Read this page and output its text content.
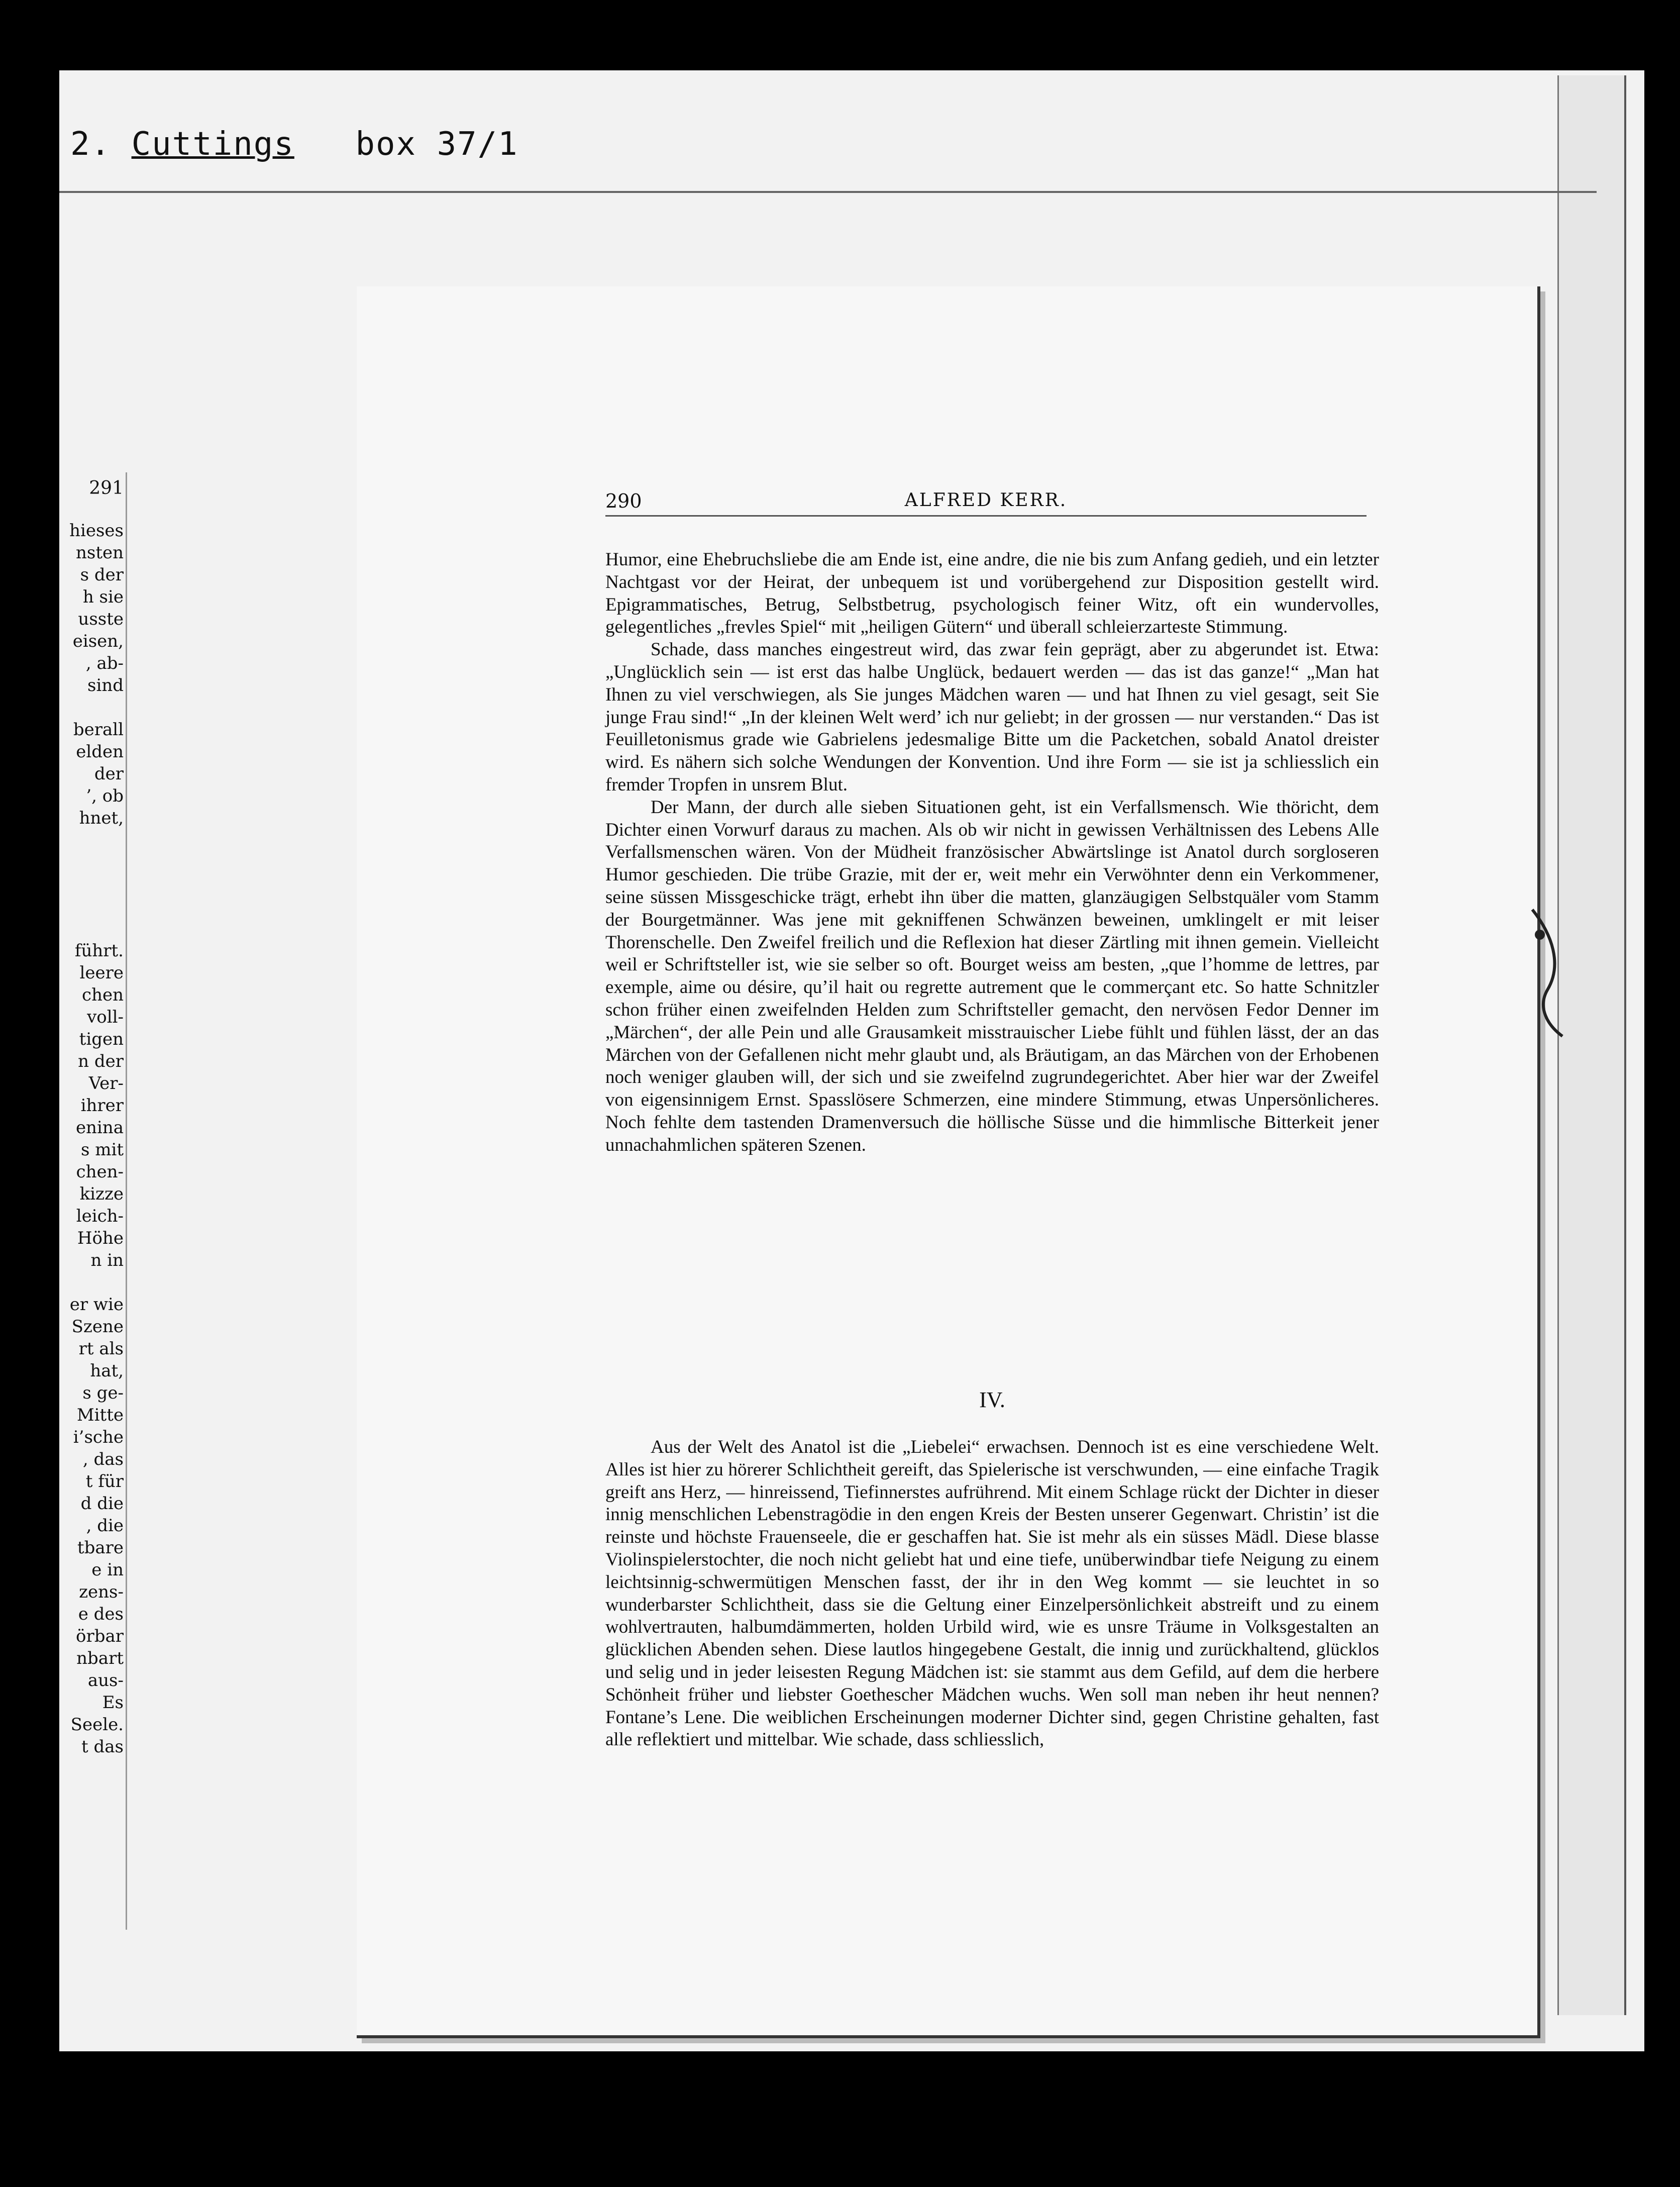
2. Cuttings box 37/1
291
hieses
nsten
s der
h sie
usste
eisen,
, ab-
sind
berall
elden
der
’, ob
hnet,
führt.
leere
chen
voll-
tigen
n der
Ver-
ihrer
enina
s mit
chen-
kizze
leich-
Höhe
n in
er wie
Szene
rt als
hat,
s ge-
Mitte
i’sche
, das
t für
d die
, die
tbare
e in
zens-
e des
örbar
nbart
aus-
Es
Seele.
t das
290	ALFRED KERR.

Humor, eine Ehebruchsliebe die am Ende ist, eine andre, die nie bis zum Anfang gedieh, und ein letzter Nachtgast vor der Heirat, der unbequem ist und vorübergehend zur Disposition gestellt wird. Epigrammatisches, Betrug, Selbstbetrug, psychologisch feiner Witz, oft ein wundervolles, gelegentliches „frevles Spiel“ mit „heiligen Gütern“ und überall schleierzarteste Stimmung.

Schade, dass manches eingestreut wird, das zwar fein geprägt, aber zu abgerundet ist. Etwa: „Unglücklich sein — ist erst das halbe Unglück, bedauert werden — das ist das ganze!“ „Man hat Ihnen zu viel verschwiegen, als Sie junges Mädchen waren — und hat Ihnen zu viel gesagt, seit Sie junge Frau sind!“ „In der kleinen Welt werd’ ich nur geliebt; in der grossen — nur verstanden.“ Das ist Feuilletonismus grade wie Gabrielens jedesmalige Bitte um die Packetchen, sobald Anatol dreister wird. Es nähern sich solche Wendungen der Konvention. Und ihre Form — sie ist ja schliesslich ein fremder Tropfen in unsrem Blut.

Der Mann, der durch alle sieben Situationen geht, ist ein Verfallsmensch. Wie thöricht, dem Dichter einen Vorwurf daraus zu machen. Als ob wir nicht in gewissen Verhältnissen des Lebens Alle Verfallsmenschen wären. Von der Müdheit französischer Abwärtslinge ist Anatol durch sorgloseren Humor geschieden. Die trübe Grazie, mit der er, weit mehr ein Verwöhnter denn ein Verkommener, seine süssen Missgeschicke trägt, erhebt ihn über die matten, glanzäugigen Selbstquäler vom Stamm der Bourgetmänner. Was jene mit gekniffenen Schwänzen beweinen, umklingelt er mit leiser Thorenschelle. Den Zweifel freilich und die Reflexion hat dieser Zärtling mit ihnen gemein. Vielleicht weil er Schriftsteller ist, wie sie selber so oft. Bourget weiss am besten, „que l’homme de lettres, par exemple, aime ou désire, qu’il hait ou regrette autrement que le commerçant etc. So hatte Schnitzler schon früher einen zweifelnden Helden zum Schriftsteller gemacht, den nervösen Fedor Denner im „Märchen“, der alle Pein und alle Grausamkeit misstrauischer Liebe fühlt und fühlen lässt, der an das Märchen von der Gefallenen nicht mehr glaubt und, als Bräutigam, an das Märchen von der Erhobenen noch weniger glauben will, der sich und sie zweifelnd zugrundegerichtet. Aber hier war der Zweifel von eigensinnigem Ernst. Spasslösere Schmerzen, eine mindere Stimmung, etwas Unpersönlicheres. Noch fehlte dem tastenden Dramenversuch die höllische Süsse und die himmlische Bitterkeit jener unnachahmlichen späteren Szenen.

IV.

Aus der Welt des Anatol ist die „Liebelei“ erwachsen. Dennoch ist es eine verschiedene Welt. Alles ist hier zu hörerer Schlichtheit gereift, das Spielerische ist verschwunden, — eine einfache Tragik greift ans Herz, — hinreissend, Tiefinnerstes aufrührend. Mit einem Schlage rückt der Dichter in dieser innig menschlichen Lebenstragödie in den engen Kreis der Besten unserer Gegenwart. Christin’ ist die reinste und höchste Frauenseele, die er geschaffen hat. Sie ist mehr als ein süsses Mädl. Diese blasse Violinspielerstochter, die noch nicht geliebt hat und eine tiefe, unüberwindbar tiefe Neigung zu einem leichtsinnig-schwermütigen Menschen fasst, der ihr in den Weg kommt — sie leuchtet in so wunderbarster Schlichtheit, dass sie die Geltung einer Einzelpersönlichkeit abstreift und zu einem wohlvertrauten, halbumdämmerten, holden Urbild wird, wie es unsre Träume in Volksgestalten an glücklichen Abenden sehen. Diese lautlos hingegebene Gestalt, die innig und zurückhaltend, glücklos und selig und in jeder leisesten Regung Mädchen ist: sie stammt aus dem Gefild, auf dem die herbere Schönheit früher und liebster Goethescher Mädchen wuchs. Wen soll man neben ihr heut nennen? Fontane’s Lene. Die weiblichen Erscheinungen moderner Dichter sind, gegen Christine gehalten, fast alle reflektiert und mittelbar. Wie schade, dass schliesslich,
